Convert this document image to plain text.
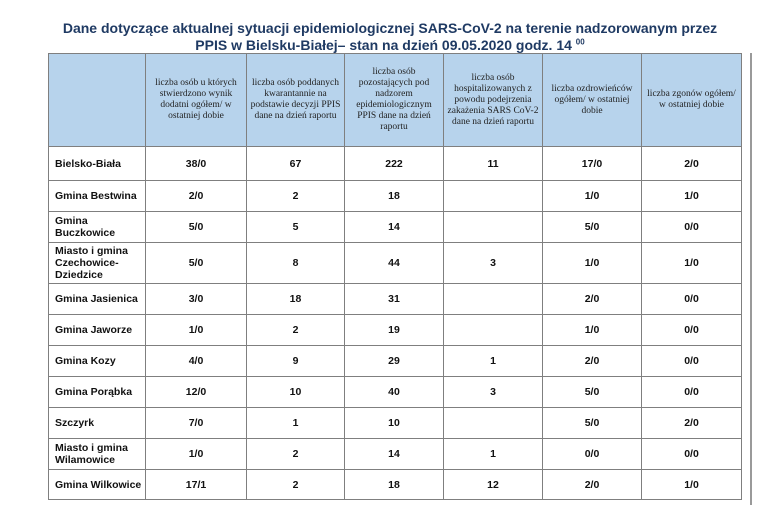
Dane dotyczące aktualnej sytuacji epidemiologicznej SARS-CoV-2 na terenie nadzorowanym przez
PPIS w Bielsku-Białej– stan na dzień 09.05.2020 godz. 14 $^{00}$
	liczba osób u których stwierdzono wynik dodatni ogółem/ w ostatniej dobie	liczba osób poddanych kwarantannie na podstawie decyzji PPIS dane na dzień raportu	liczba osób pozostających pod nadzorem epidemiologicznym PPIS dane na dzień raportu	liczba osób hospitalizowanych z powodu podejrzenia zakażenia SARS CoV-2 dane na dzień raportu	liczba ozdrowieńców ogółem/ w ostatniej dobie	liczba zgonów ogółem/ w ostatniej dobie
Bielsko-Biała	38/0	67	222	11	17/0	2/0
Gmina Bestwina	2/0	2	18		1/0	1/0
Gmina Buczkowice	5/0	5	14		5/0	0/0
Miasto i gmina Czechowice-Dziedzice	5/0	8	44	3	1/0	1/0
Gmina Jasienica	3/0	18	31		2/0	0/0
Gmina Jaworze	1/0	2	19		1/0	0/0
Gmina Kozy	4/0	9	29	1	2/0	0/0
Gmina Porąbka	12/0	10	40	3	5/0	0/0
Szczyrk	7/0	1	10		5/0	2/0
Miasto i gmina Wilamowice	1/0	2	14	1	0/0	0/0
Gmina Wilkowice	17/1	2	18	12	2/0	1/0
